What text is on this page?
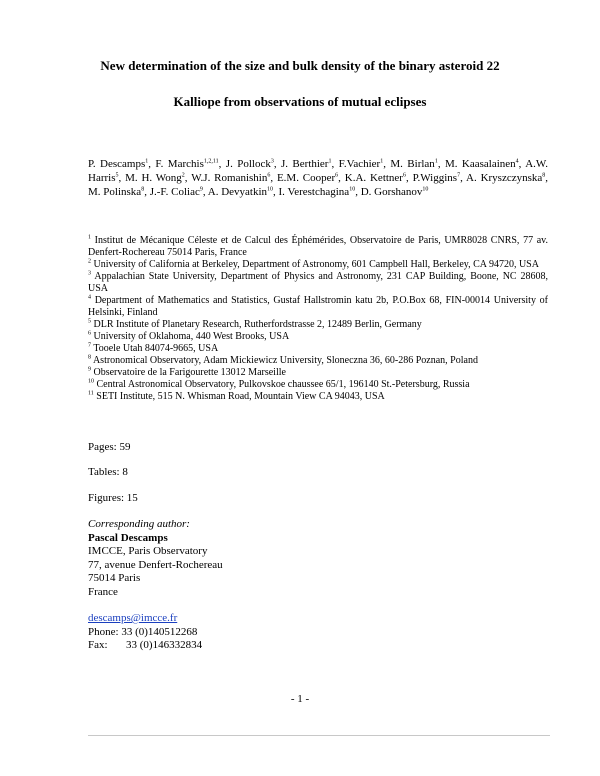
New determination of the size and bulk density of the binary asteroid 22
Kalliope from observations of mutual eclipses
P. Descamps$^1$, F. Marchis$^{1,2,11}$, J. Pollock$^3$, J. Berthier$^1$, F.Vachier$^1$, M. Birlan$^1$, M. Kaasalainen$^4$, A.W. Harris$^5$, M. H. Wong$^2$, W.J. Romanishin$^6$, E.M. Cooper$^6$, K.A. Kettner$^6$, P.Wiggins$^7$, A. Kryszczynska$^8$, M. Polinska$^8$, J.-F. Coliac$^9$, A. Devyatkin$^{10}$, I. Verestchagina$^{10}$, D. Gorshanov$^{10}$
$^1$ Institut de Mécanique Céleste et de Calcul des Éphémérides, Observatoire de Paris, UMR8028 CNRS, 77 av. Denfert-Rochereau 75014 Paris, France
$^2$ University of California at Berkeley, Department of Astronomy, 601 Campbell Hall, Berkeley, CA 94720, USA
$^3$ Appalachian State University, Department of Physics and Astronomy, 231 CAP Building, Boone, NC 28608, USA
$^4$ Department of Mathematics and Statistics, Gustaf Hallstromin katu 2b, P.O.Box 68, FIN-00014 University of Helsinki, Finland
$^5$ DLR Institute of Planetary Research, Rutherfordstrasse 2, 12489 Berlin, Germany
$^6$ University of Oklahoma, 440 West Brooks, USA
$^7$ Tooele Utah 84074-9665, USA
$^8$ Astronomical Observatory, Adam Mickiewicz University, Sloneczna 36, 60-286 Poznan, Poland
$^9$ Observatoire de la Farigourette 13012 Marseille
$^{10}$ Central Astronomical Observatory, Pulkovskoe chaussee 65/1, 196140 St.-Petersburg, Russia
$^{11}$ SETI Institute, 515 N. Whisman Road, Mountain View CA 94043, USA
Pages: 59
Tables: 8
Figures: 15
Corresponding author:
Pascal Descamps
IMCCE, Paris Observatory
77, avenue Denfert-Rochereau
75014 Paris
France
descamps@imcce.fr
Phone: 33 (0)140512268
Fax: 33 (0)146332834
- 1 -
